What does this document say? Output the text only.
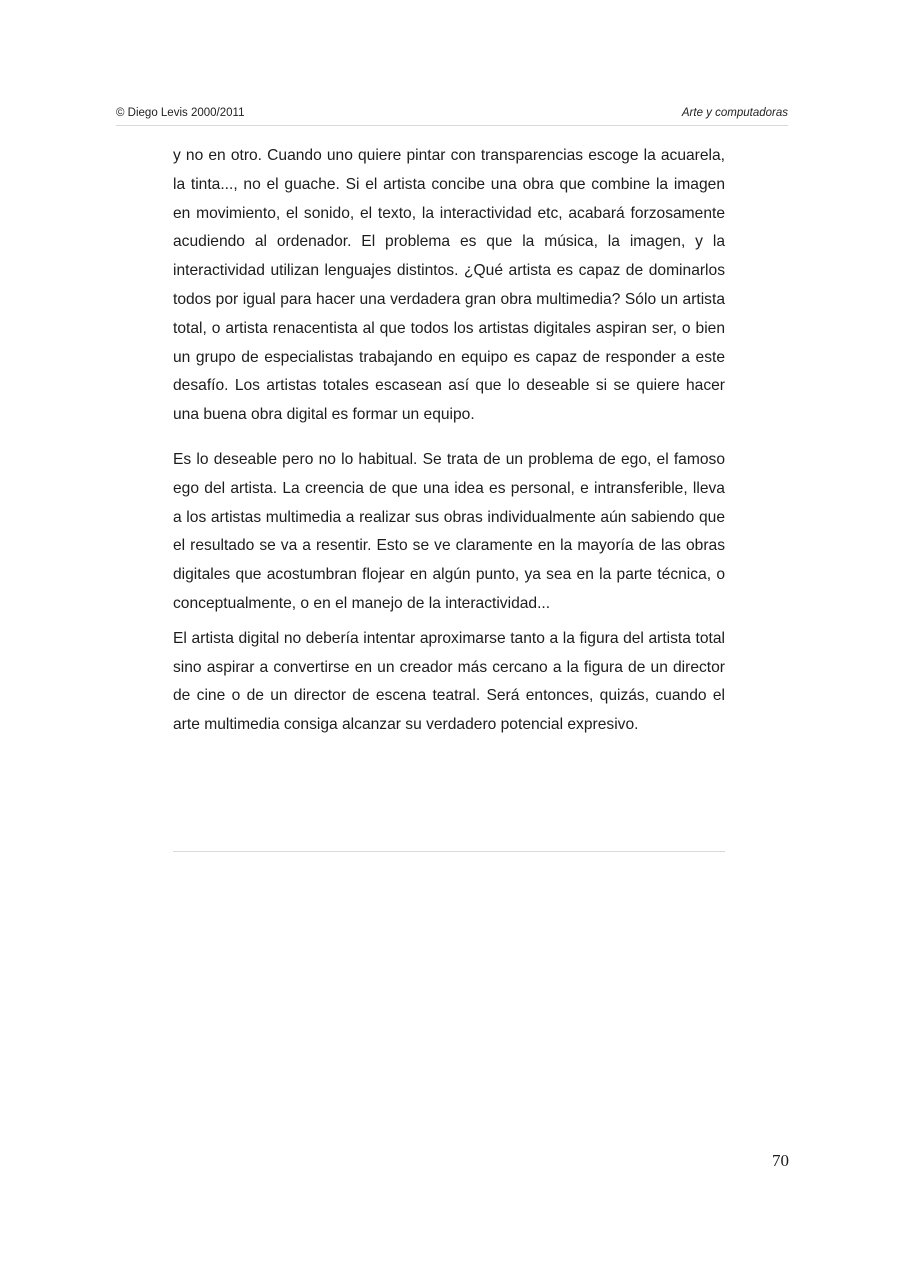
© Diego Levis 2000/2011	Arte y computadoras

y no en otro. Cuando uno quiere pintar con transparencias escoge la acuarela, la tinta..., no el guache. Si el artista concibe una obra que combine la imagen en movimiento, el sonido, el texto, la interactividad etc, acabará forzosamente acudiendo al ordenador. El problema es que la música, la imagen, y la interactividad utilizan lenguajes distintos. ¿Qué artista es capaz de dominarlos todos por igual para hacer una verdadera gran obra multimedia? Sólo un artista total, o artista renacentista al que todos los artistas digitales aspiran ser, o bien un grupo de especialistas trabajando en equipo es capaz de responder a este desafío. Los artistas totales escasean así que lo deseable si se quiere hacer una buena obra digital es formar un equipo.

Es lo deseable pero no lo habitual. Se trata de un problema de ego, el famoso ego del artista. La creencia de que una idea es personal, e intransferible, lleva a los artistas multimedia a realizar sus obras individualmente aún sabiendo que el resultado se va a resentir. Esto se ve claramente en la mayoría de las obras digitales que acostumbran flojear en algún punto, ya sea en la parte técnica, o conceptualmente, o en el manejo de la interactividad...

El artista digital no debería intentar aproximarse tanto a la figura del artista total sino aspirar a convertirse en un creador más cercano a la figura de un director de cine o de un director de escena teatral. Será entonces, quizás, cuando el arte multimedia consiga alcanzar su verdadero potencial expresivo.

70
